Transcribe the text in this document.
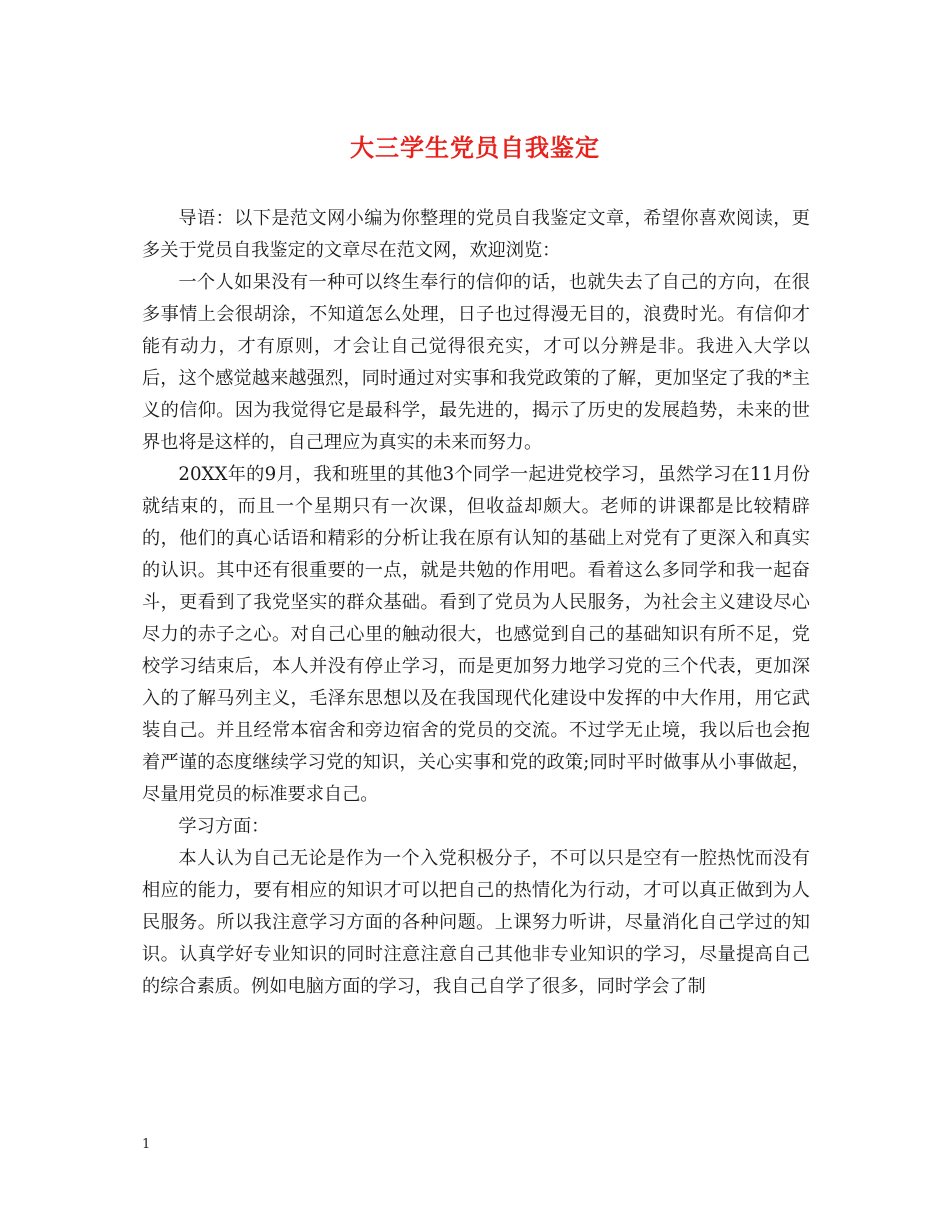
大三学生党员自我鉴定

导语：以下是范文网小编为你整理的党员自我鉴定文章，希望你喜欢阅读，更多关于党员自我鉴定的文章尽在范文网，欢迎浏览：

一个人如果没有一种可以终生奉行的信仰的话，也就失去了自己的方向，在很多事情上会很胡涂，不知道怎么处理，日子也过得漫无目的，浪费时光。有信仰才能有动力，才有原则，才会让自己觉得很充实，才可以分辨是非。我进入大学以后，这个感觉越来越强烈，同时通过对实事和我党政策的了解，更加坚定了我的*主义的信仰。因为我觉得它是最科学，最先进的，揭示了历史的发展趋势，未来的世界也将是这样的，自己理应为真实的未来而努力。

20XX年的9月，我和班里的其他3个同学一起进党校学习，虽然学习在11月份就结束的，而且一个星期只有一次课，但收益却颇大。老师的讲课都是比较精辟的，他们的真心话语和精彩的分析让我在原有认知的基础上对党有了更深入和真实的认识。其中还有很重要的一点，就是共勉的作用吧。看着这么多同学和我一起奋斗，更看到了我党坚实的群众基础。看到了党员为人民服务，为社会主义建设尽心尽力的赤子之心。对自己心里的触动很大，也感觉到自己的基础知识有所不足，党校学习结束后，本人并没有停止学习，而是更加努力地学习党的三个代表，更加深入的了解马列主义，毛泽东思想以及在我国现代化建设中发挥的中大作用，用它武装自己。并且经常本宿舍和旁边宿舍的党员的交流。不过学无止境，我以后也会抱着严谨的态度继续学习党的知识，关心实事和党的政策;同时平时做事从小事做起，尽量用党员的标准要求自己。

学习方面：

本人认为自己无论是作为一个入党积极分子，不可以只是空有一腔热忱而没有相应的能力，要有相应的知识才可以把自己的热情化为行动，才可以真正做到为人民服务。所以我注意学习方面的各种问题。上课努力听讲，尽量消化自己学过的知识。认真学好专业知识的同时注意注意自己其他非专业知识的学习，尽量提高自己的综合素质。例如电脑方面的学习，我自己自学了很多，同时学会了制

1
